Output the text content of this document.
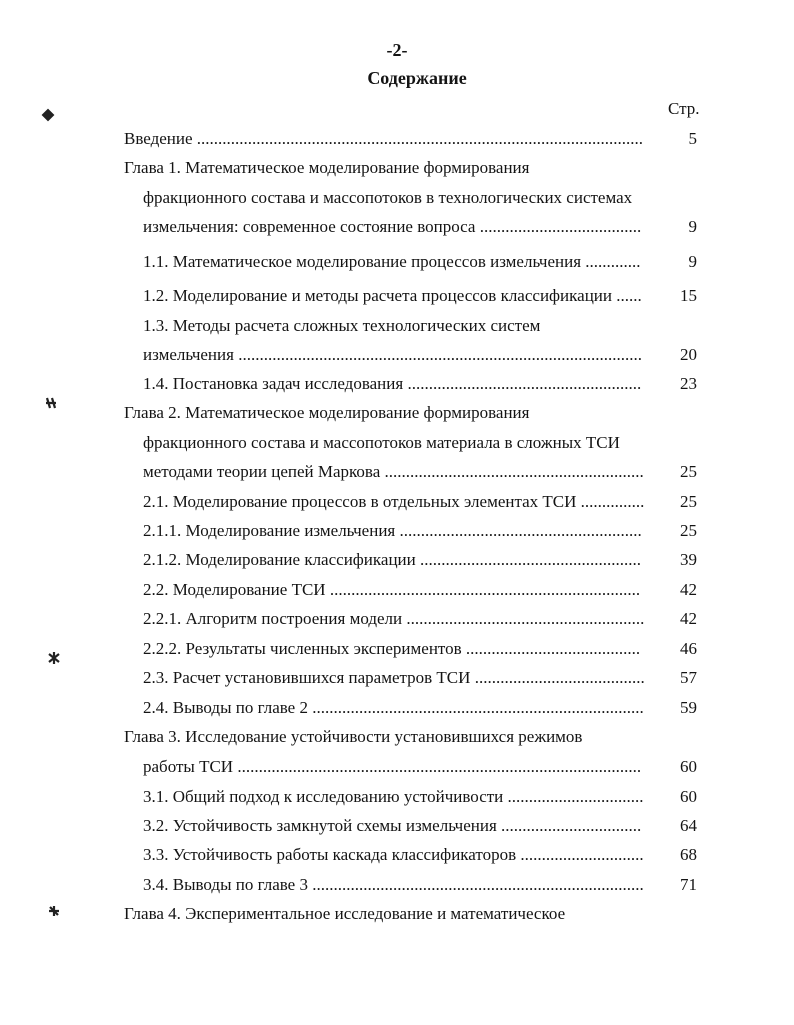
-2-
Содержание
Стр.
Введение .........................................................................................................	5
Глава 1. Математическое моделирование формирования
фракционного состава и массопотоков в технологических системах
измельчения: современное состояние вопроса ......................................	9
1.1. Математическое моделирование процессов измельчения .............	9
1.2. Моделирование и методы расчета процессов классификации ......	15
1.3. Методы расчета сложных технологических систем
измельчения ...............................................................................................	20
1.4. Постановка задач исследования .......................................................	23
Глава 2. Математическое моделирование формирования
фракционного состава и массопотоков материала в сложных ТСИ
методами теории цепей Маркова .............................................................	25
2.1. Моделирование процессов в отдельных элементах ТСИ ...............	25
2.1.1. Моделирование измельчения .........................................................	25
2.1.2. Моделирование классификации ....................................................	39
2.2. Моделирование ТСИ .........................................................................	42
2.2.1. Алгоритм построения модели ........................................................	42
2.2.2. Результаты численных экспериментов .........................................	46
2.3. Расчет установившихся параметров ТСИ ........................................	57
2.4. Выводы по главе 2 ..............................................................................	59
Глава 3. Исследование устойчивости установившихся режимов
работы ТСИ ...............................................................................................	60
3.1. Общий подход к исследованию устойчивости ................................	60
3.2. Устойчивость замкнутой схемы измельчения .................................	64
3.3. Устойчивость работы каскада классификаторов .............................	68
3.4. Выводы по главе 3 ..............................................................................	71
Глава 4. Экспериментальное исследование и математическое
